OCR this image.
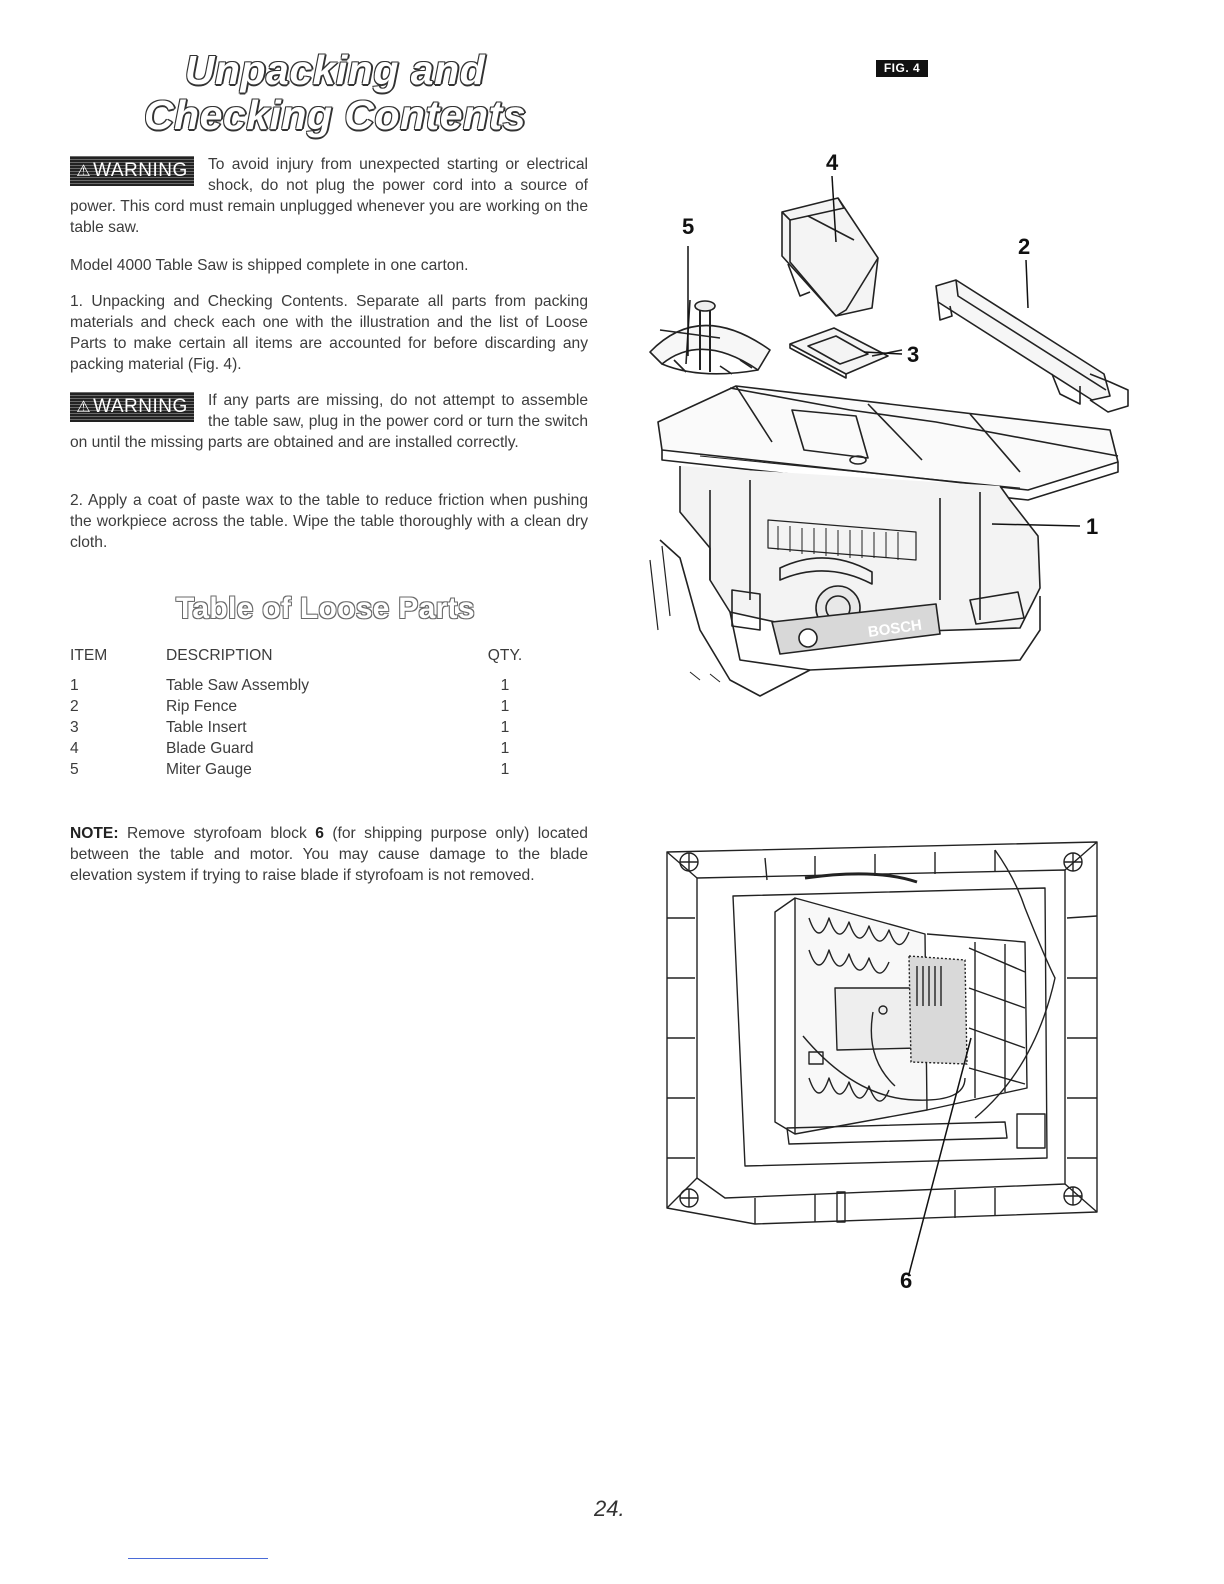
Unpacking and
Checking Contents
⚠ WARNING	To avoid injury from unexpected starting or electrical shock, do not plug the power cord into a source of power. This cord must remain unplugged whenever you are working on the table saw.
Model 4000 Table Saw is shipped complete in one carton.
1. Unpacking and Checking Contents. Separate all parts from packing materials and check each one with the illustration and the list of Loose Parts to make certain all items are accounted for before discarding any packing material (Fig. 4).
⚠ WARNING	If any parts are missing, do not attempt to assemble the table saw, plug in the power cord or turn the switch on until the missing parts are obtained and are installed correctly.
2. Apply a coat of paste wax to the table to reduce friction when pushing the workpiece across the table. Wipe the table thoroughly with a clean dry cloth.
Table of Loose Parts
ITEM	DESCRIPTION	QTY.
1	Table Saw Assembly	1
2	Rip Fence	1
3	Table Insert	1
4	Blade Guard	1
5	Miter Gauge	1
NOTE: Remove styrofoam block 6 (for shipping purpose only) located between the table and motor. You may cause damage to the blade elevation system if trying to raise blade if styrofoam is not removed.
FIG. 4
BOSCH
4
5
2
3
1
6
24.
